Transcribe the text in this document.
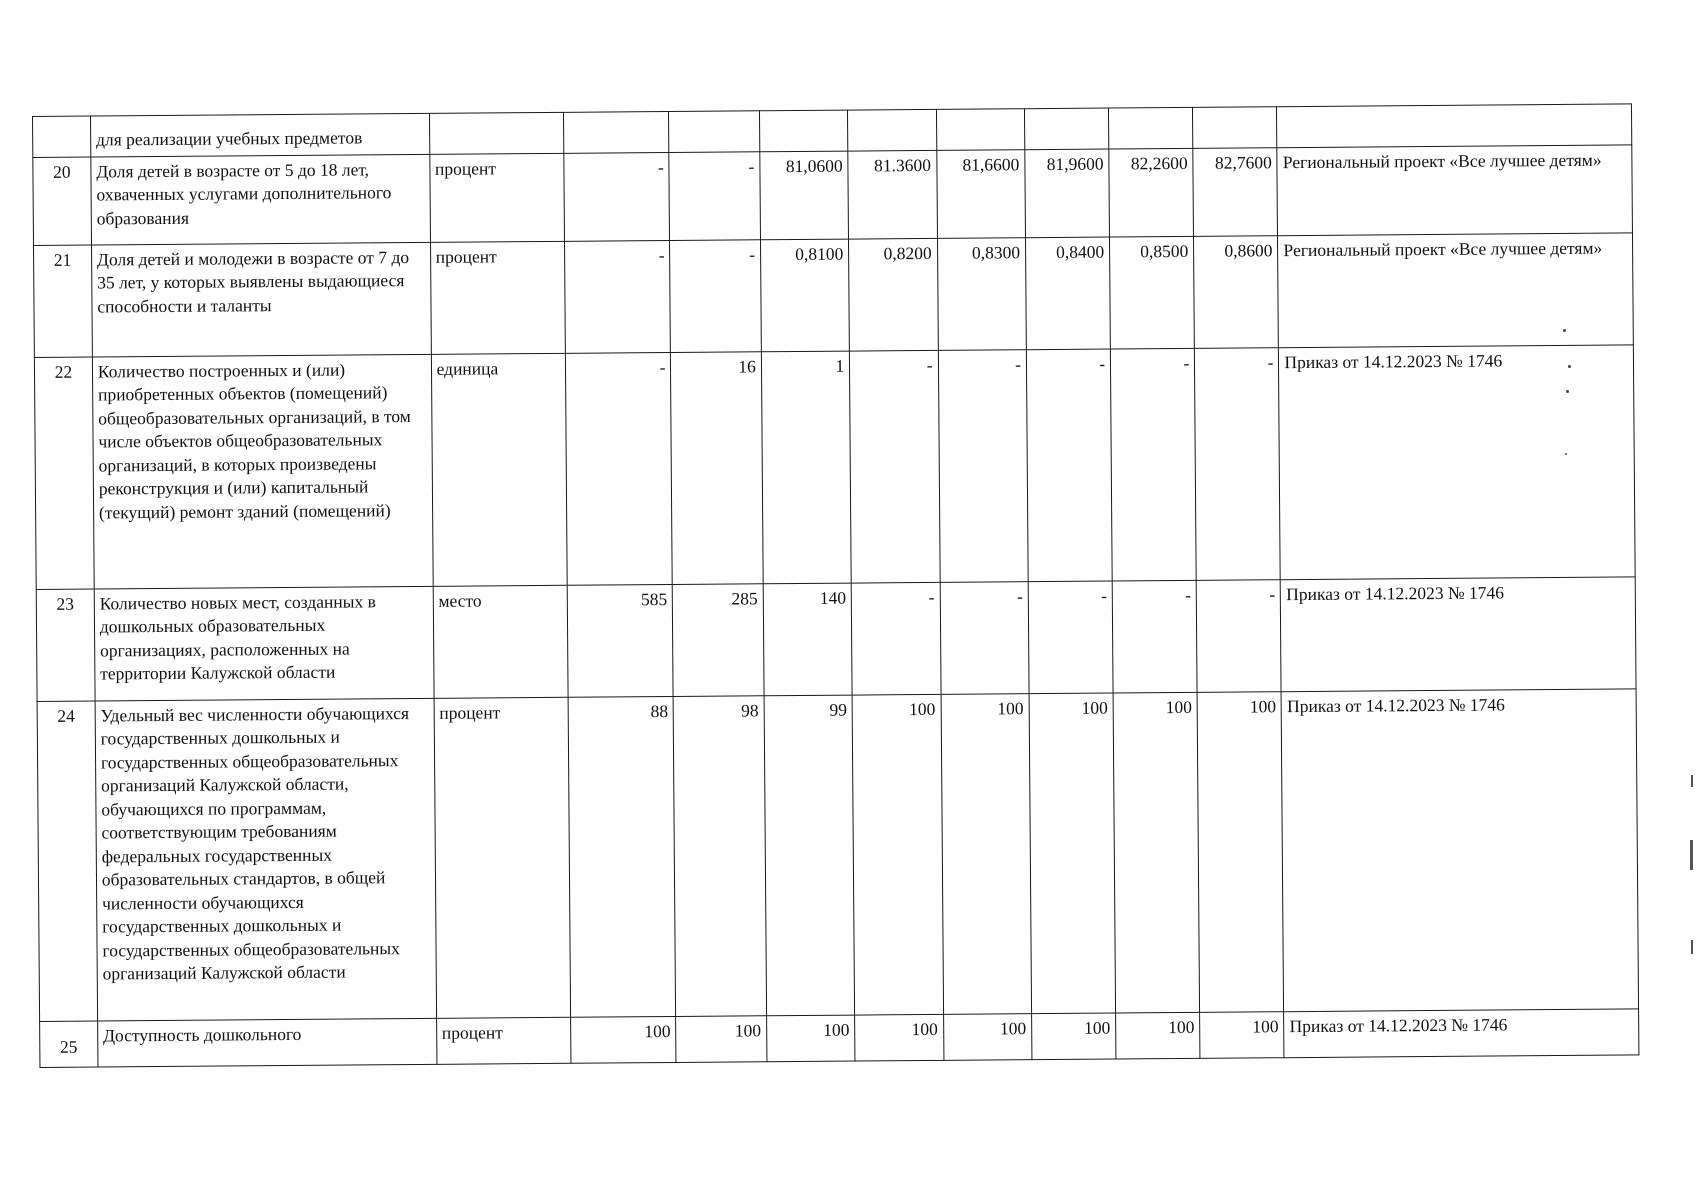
	для реализации учебных предметов										
20	Доля детей в возрасте от 5 до 18 лет, охваченных услугами дополнительного образования	процент	-	-	81,0600	81.3600	81,6600	81,9600	82,2600	82,7600	Региональный проект «Все лучшее детям»
21	Доля детей и молодежи в возрасте от 7 до 35 лет, у которых выявлены выдающиеся способности и таланты	процент	-	-	0,8100	0,8200	0,8300	0,8400	0,8500	0,8600	Региональный проект «Все лучшее детям»
22	Количество построенных и (или) приобретенных объектов (помещений) общеобразовательных организаций, в том числе объектов общеобразовательных организаций, в которых произведены реконструкция и (или) капитальный (текущий) ремонт зданий (помещений)	единица	-	16	1	-	-	-	-	-	Приказ от 14.12.2023 № 1746
23	Количество новых мест, созданных в дошкольных образовательных организациях, расположенных на территории Калужской области	место	585	285	140	-	-	-	-	-	Приказ от 14.12.2023 № 1746
24	Удельный вес численности обучающихся государственных дошкольных и государственных общеобразовательных организаций Калужской области, обучающихся по программам, соответствующим требованиям федеральных государственных образовательных стандартов, в общей численности обучающихся государственных дошкольных и государственных общеобразовательных организаций Калужской области	процент	88	98	99	100	100	100	100	100	Приказ от 14.12.2023 № 1746
25	Доступность дошкольного	процент	100	100	100	100	100	100	100	100	Приказ от 14.12.2023 № 1746
